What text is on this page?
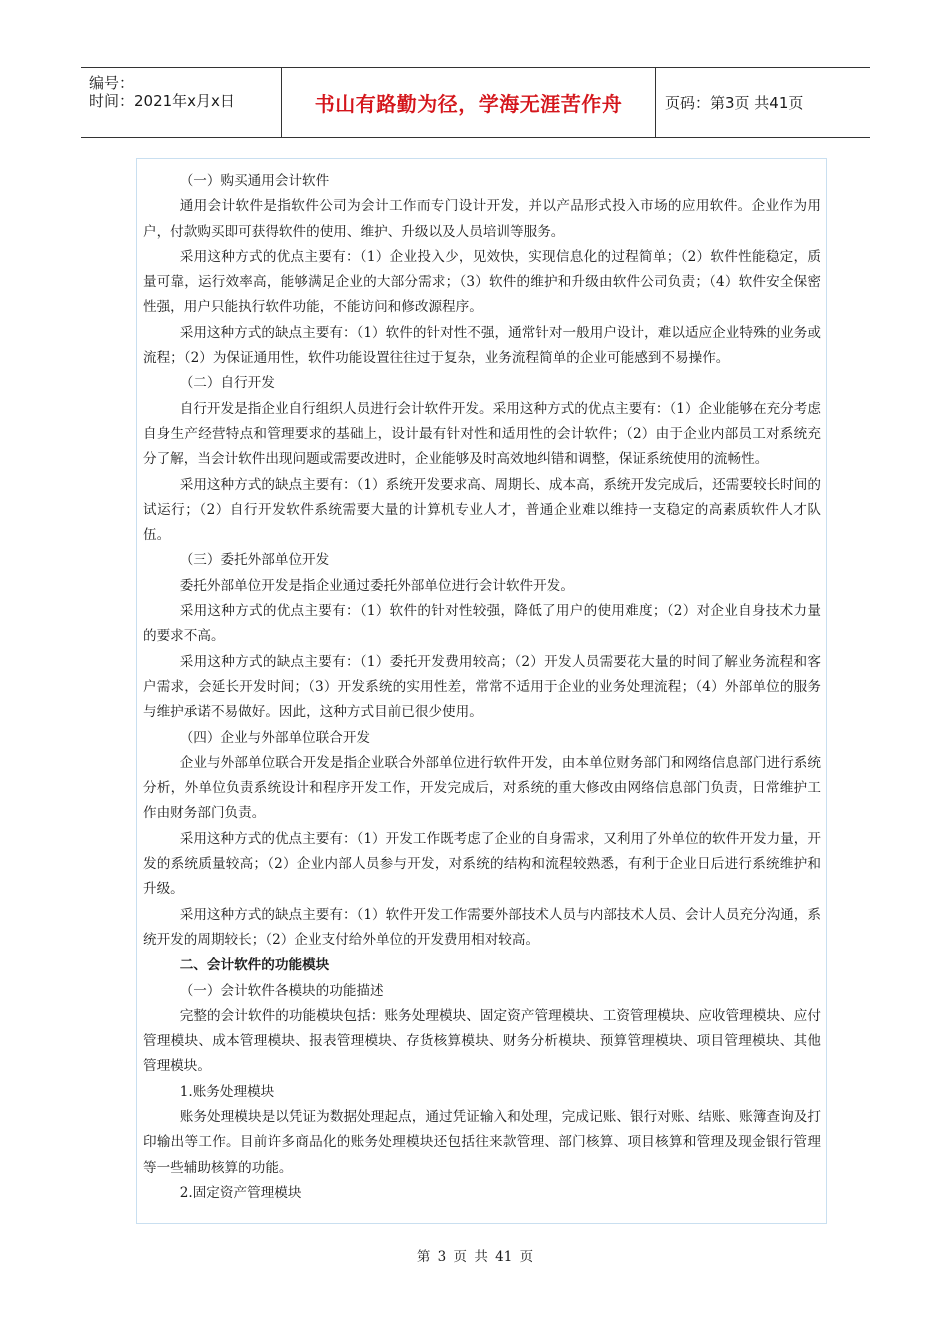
编号：
时间：2021年x月x日	书山有路勤为径，学海无涯苦作舟	页码：第3页 共41页

（一）购买通用会计软件

通用会计软件是指软件公司为会计工作而专门设计开发，并以产品形式投入市场的应用软件。企业作为用户，付款购买即可获得软件的使用、维护、升级以及人员培训等服务。

采用这种方式的优点主要有：（1）企业投入少，见效快，实现信息化的过程简单；（2）软件性能稳定，质量可靠，运行效率高，能够满足企业的大部分需求；（3）软件的维护和升级由软件公司负责；（4）软件安全保密性强，用户只能执行软件功能，不能访问和修改源程序。

采用这种方式的缺点主要有：（1）软件的针对性不强，通常针对一般用户设计，难以适应企业特殊的业务或流程；（2）为保证通用性，软件功能设置往往过于复杂，业务流程简单的企业可能感到不易操作。

（二）自行开发

自行开发是指企业自行组织人员进行会计软件开发。采用这种方式的优点主要有：（1）企业能够在充分考虑自身生产经营特点和管理要求的基础上，设计最有针对性和适用性的会计软件；（2）由于企业内部员工对系统充分了解，当会计软件出现问题或需要改进时，企业能够及时高效地纠错和调整，保证系统使用的流畅性。

采用这种方式的缺点主要有：（1）系统开发要求高、周期长、成本高，系统开发完成后，还需要较长时间的试运行；（2）自行开发软件系统需要大量的计算机专业人才，普通企业难以维持一支稳定的高素质软件人才队伍。

（三）委托外部单位开发

委托外部单位开发是指企业通过委托外部单位进行会计软件开发。

采用这种方式的优点主要有：（1）软件的针对性较强，降低了用户的使用难度；（2）对企业自身技术力量的要求不高。

采用这种方式的缺点主要有：（1）委托开发费用较高；（2）开发人员需要花大量的时间了解业务流程和客户需求，会延长开发时间；（3）开发系统的实用性差，常常不适用于企业的业务处理流程；（4）外部单位的服务与维护承诺不易做好。因此，这种方式目前已很少使用。

（四）企业与外部单位联合开发

企业与外部单位联合开发是指企业联合外部单位进行软件开发，由本单位财务部门和网络信息部门进行系统分析，外单位负责系统设计和程序开发工作，开发完成后，对系统的重大修改由网络信息部门负责，日常维护工作由财务部门负责。

采用这种方式的优点主要有：（1）开发工作既考虑了企业的自身需求，又利用了外单位的软件开发力量，开发的系统质量较高；（2）企业内部人员参与开发，对系统的结构和流程较熟悉，有利于企业日后进行系统维护和升级。

采用这种方式的缺点主要有：（1）软件开发工作需要外部技术人员与内部技术人员、会计人员充分沟通，系统开发的周期较长；（2）企业支付给外单位的开发费用相对较高。

二、会计软件的功能模块

（一）会计软件各模块的功能描述

完整的会计软件的功能模块包括：账务处理模块、固定资产管理模块、工资管理模块、应收管理模块、应付管理模块、成本管理模块、报表管理模块、存货核算模块、财务分析模块、预算管理模块、项目管理模块、其他管理模块。

1.账务处理模块

账务处理模块是以凭证为数据处理起点，通过凭证输入和处理，完成记账、银行对账、结账、账簿查询及打印输出等工作。目前许多商品化的账务处理模块还包括往来款管理、部门核算、项目核算和管理及现金银行管理等一些辅助核算的功能。

2.固定资产管理模块

第 3 页 共 41 页
